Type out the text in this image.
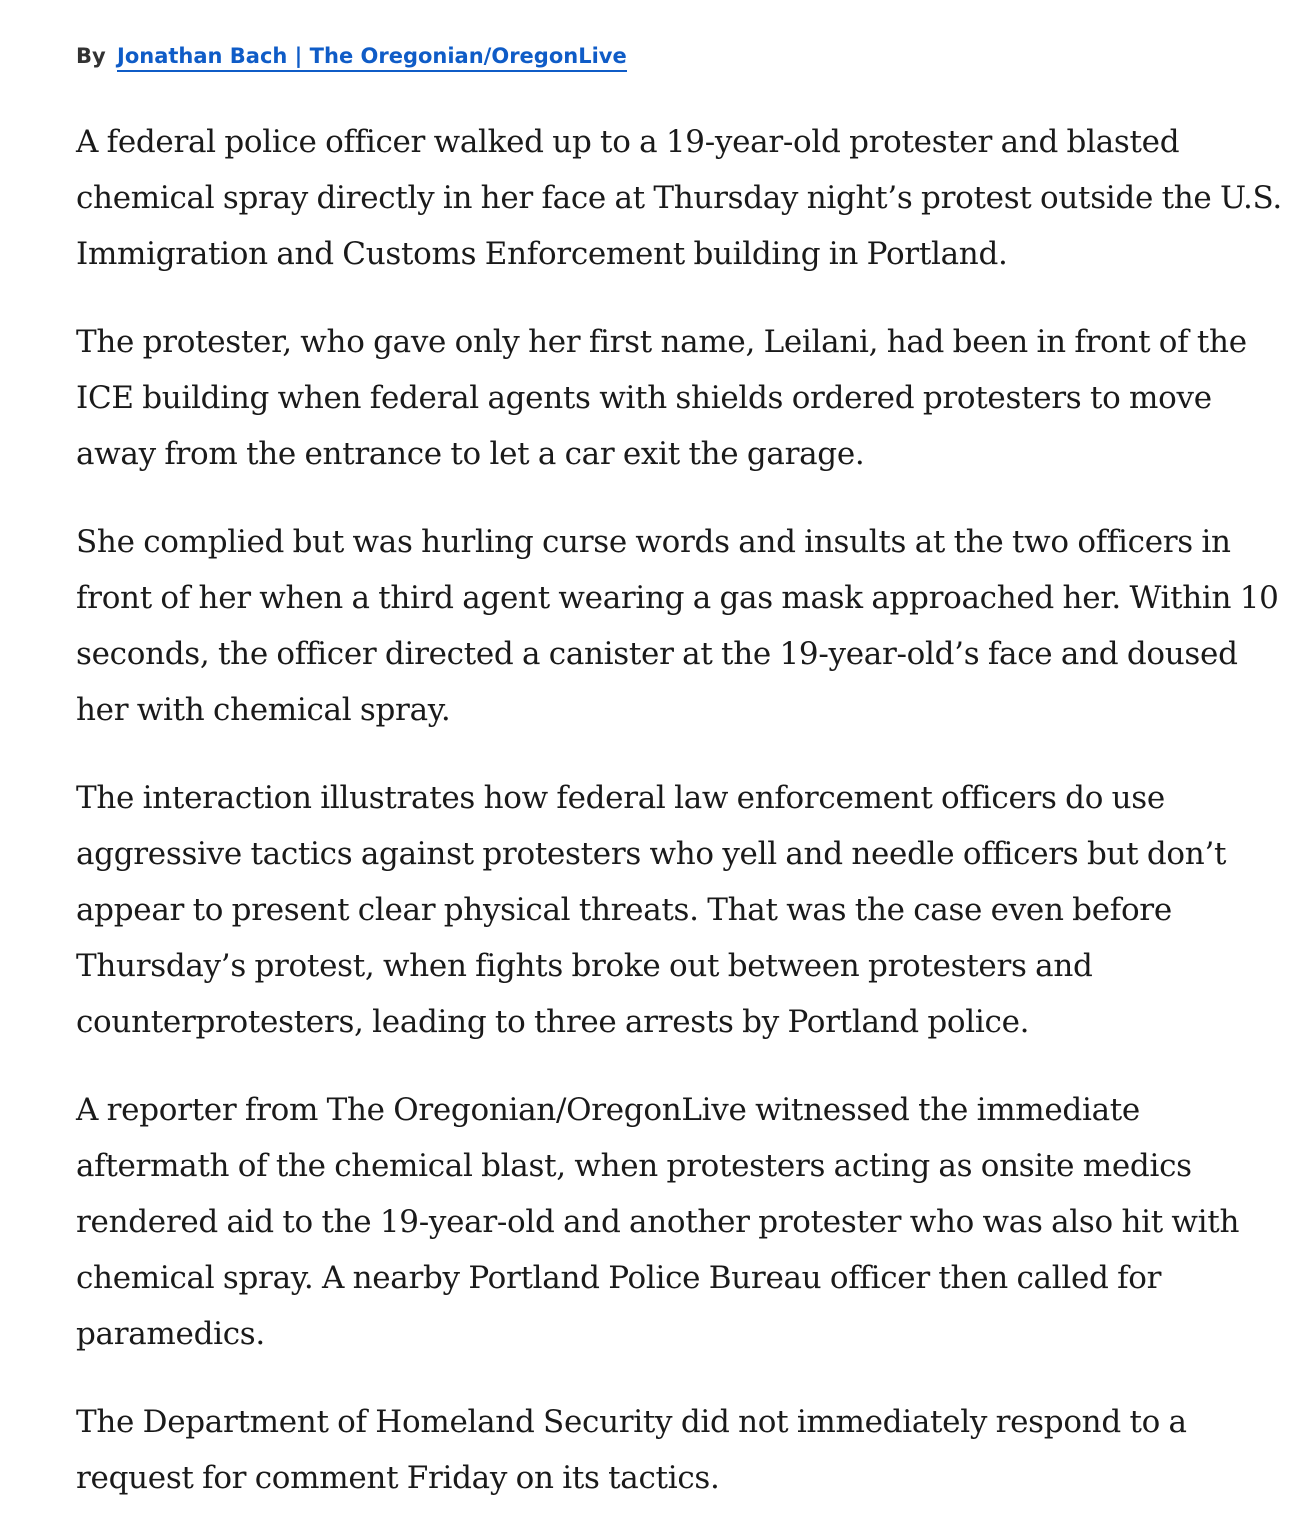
By Jonathan Bach | The Oregonian/OregonLive

A federal police officer walked up to a 19-year-old protester and blasted chemical spray directly in her face at Thursday night’s protest outside the U.S. Immigration and Customs Enforcement building in Portland.

The protester, who gave only her first name, Leilani, had been in front of the ICE building when federal agents with shields ordered protesters to move away from the entrance to let a car exit the garage.

She complied but was hurling curse words and insults at the two officers in front of her when a third agent wearing a gas mask approached her. Within 10 seconds, the officer directed a canister at the 19-year-old’s face and doused her with chemical spray.

The interaction illustrates how federal law enforcement officers do use aggressive tactics against protesters who yell and needle officers but don’t appear to present clear physical threats. That was the case even before Thursday’s protest, when fights broke out between protesters and counterprotesters, leading to three arrests by Portland police.

A reporter from The Oregonian/OregonLive witnessed the immediate aftermath of the chemical blast, when protesters acting as onsite medics rendered aid to the 19-year-old and another protester who was also hit with chemical spray. A nearby Portland Police Bureau officer then called for paramedics.

The Department of Homeland Security did not immediately respond to a request for comment Friday on its tactics.
